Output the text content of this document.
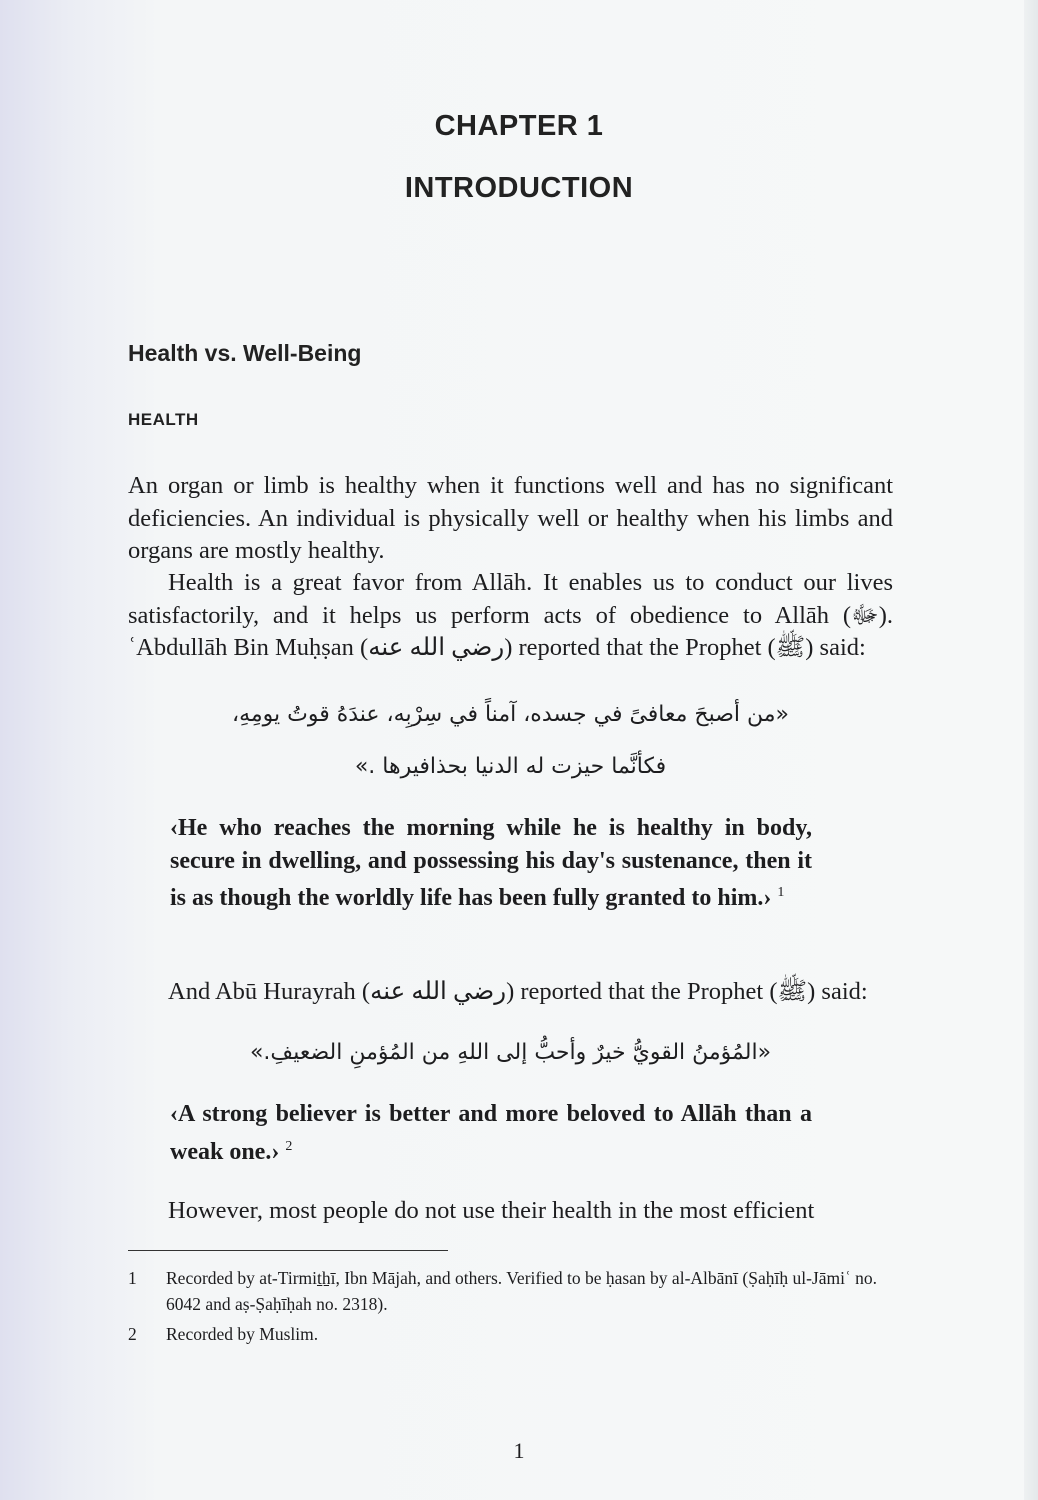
CHAPTER 1
INTRODUCTION
Health vs. Well-Being
HEALTH
An organ or limb is healthy when it functions well and has no significant deficiencies. An individual is physically well or healthy when his limbs and organs are mostly healthy.
Health is a great favor from Allāh. It enables us to conduct our lives satisfactorily, and it helps us perform acts of obedience to Allāh (ﷻ). ʿAbdullāh Bin Muḥṣan (رضي الله عنه) reported that the Prophet (ﷺ) said:
«من أصبحَ معافىً في جسده، آمناً في سِرْبِه، عندَهُ قوتُ يومِهِ،
فكأنَّما حيزت له الدنيا بحذافيرها .»
‹He who reaches the morning while he is healthy in body, secure in dwelling, and possessing his day's sustenance, then it is as though the worldly life has been fully granted to him.› $^1$
And Abū Hurayrah (رضي الله عنه) reported that the Prophet (ﷺ) said:
«المُؤمنُ القويُّ خيرٌ وأحبُّ إلى اللهِ من المُؤمنِ الضعيفِ.»
‹A strong believer is better and more beloved to Allāh than a weak one.› $^2$
However, most people do not use their health in the most efficient
1 Recorded by at-Tirmiṯẖī, Ibn Mājah, and others. Verified to be ḥasan by al-Albānī (Ṣaḥīḥ ul-Jāmiʿ no. 6042 and aṣ-Ṣaḥīḥah no. 2318).
2 Recorded by Muslim.
1
